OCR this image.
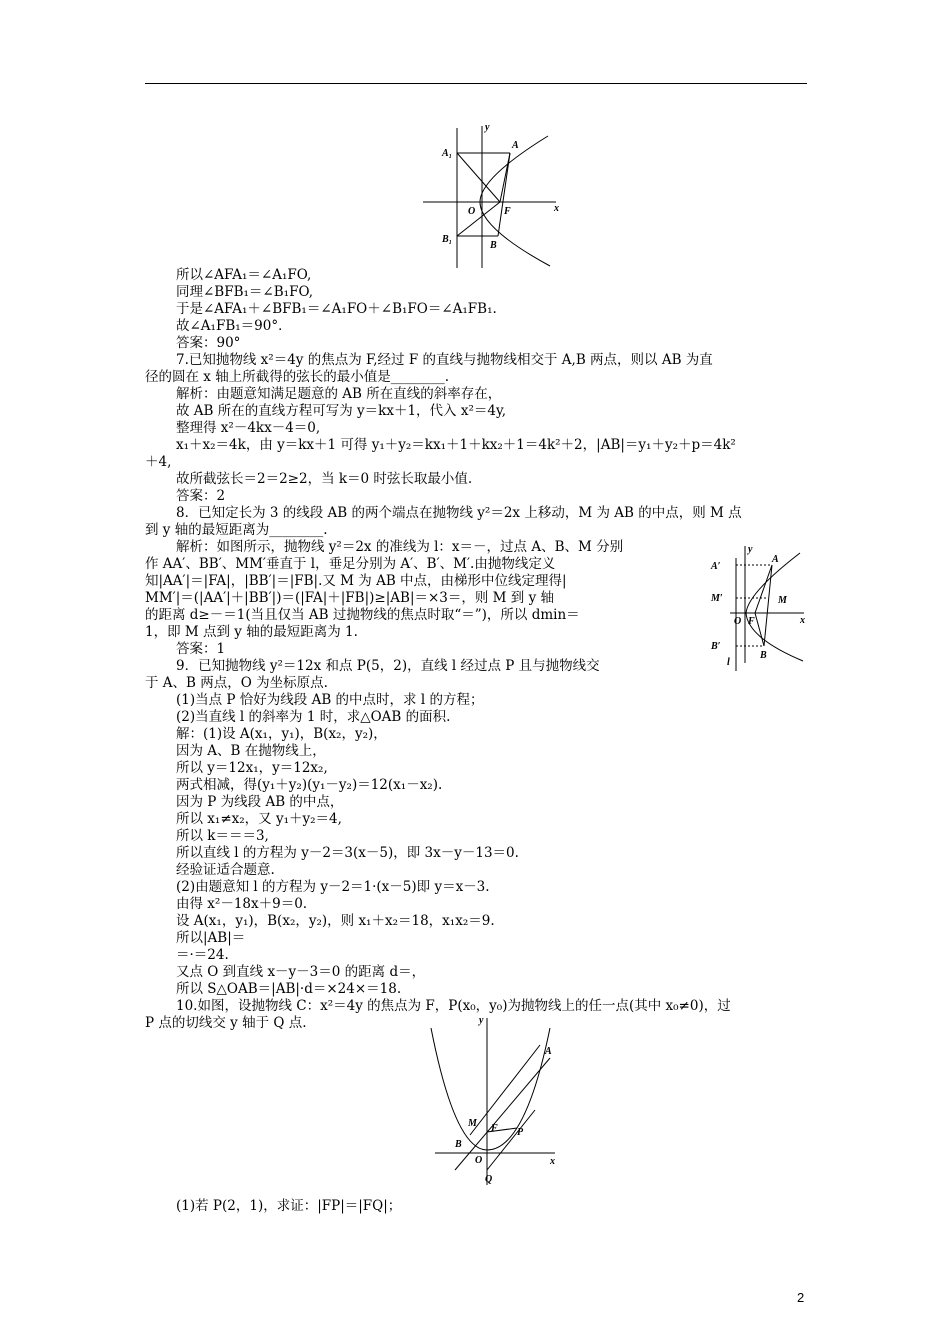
y
A₁
A
O	F	x
B₁
B
y
A
A′
M′	M
O F	x
B′
B
l
y
A
M F P
B
O	x
Q
所以∠AFA₁＝∠A₁FO,
同理∠BFB₁＝∠B₁FO,
于是∠AFA₁＋∠BFB₁＝∠A₁FO＋∠B₁FO＝∠A₁FB₁.
故∠A₁FB₁＝90°．
答案：90°
7.已知抛物线 x²＝4y 的焦点为 F,经过 F 的直线与抛物线相交于 A,B 两点，则以 AB 为直
径的圆在 x 轴上所截得的弦长的最小值是________.
解析：由题意知满足题意的 AB 所在直线的斜率存在，
故 AB 所在的直线方程可写为 y＝kx＋1，代入 x²＝4y,
整理得 x²－4kx－4＝0,
x₁＋x₂＝4k，由 y＝kx＋1 可得 y₁＋y₂＝kx₁＋1＋kx₂＋1＝4k²＋2，|AB|＝y₁＋y₂＋p＝4k²
＋4,
故所截弦长＝2＝2≥2，当 k＝0 时弦长取最小值.
答案：2
8．已知定长为 3 的线段 AB 的两个端点在抛物线 y²＝2x 上移动，M 为 AB 的中点，则 M 点
到 y 轴的最短距离为________.
解析：如图所示，抛物线 y²＝2x 的准线为 l：x＝－，过点 A、B、M 分别
作 AA′、BB′、MM′垂直于 l，垂足分别为 A′、B′、M′.由抛物线定义
知|AA′|＝|FA|，|BB′|＝|FB|.又 M 为 AB 中点，由梯形中位线定理得|
MM′|＝(|AA′|＋|BB′|)＝(|FA|＋|FB|)≥|AB|＝×3＝，则 M 到 y 轴
的距离 d≥－＝1(当且仅当 AB 过抛物线的焦点时取“＝”)，所以 dmin＝
1，即 M 点到 y 轴的最短距离为 1.
答案：1
9．已知抛物线 y²＝12x 和点 P(5，2)，直线 l 经过点 P 且与抛物线交
于 A、B 两点，O 为坐标原点.
(1)当点 P 恰好为线段 AB 的中点时，求 l 的方程；
(2)当直线 l 的斜率为 1 时，求△OAB 的面积.
解：(1)设 A(x₁，y₁)，B(x₂，y₂)，
因为 A、B 在抛物线上，
所以 y＝12x₁，y＝12x₂,
两式相减，得(y₁＋y₂)(y₁－y₂)＝12(x₁－x₂).
因为 P 为线段 AB 的中点，
所以 x₁≠x₂，又 y₁＋y₂＝4,
所以 k＝＝＝3,
所以直线 l 的方程为 y－2＝3(x－5)，即 3x－y－13＝0.
经验证适合题意.
(2)由题意知 l 的方程为 y－2＝1·(x－5)即 y＝x－3.
由得 x²－18x＋9＝0.
设 A(x₁，y₁)，B(x₂，y₂)，则 x₁＋x₂＝18，x₁x₂＝9.
所以|AB|＝
＝·＝24.
又点 O 到直线 x－y－3＝0 的距离 d＝，
所以 S△OAB＝|AB|·d＝×24×＝18.
10.如图，设抛物线 C：x²＝4y 的焦点为 F，P(x₀，y₀)为抛物线上的任一点(其中 x₀≠0)，过
P 点的切线交 y 轴于 Q 点.
(1)若 P(2，1)，求证：|FP|＝|FQ|；
2
